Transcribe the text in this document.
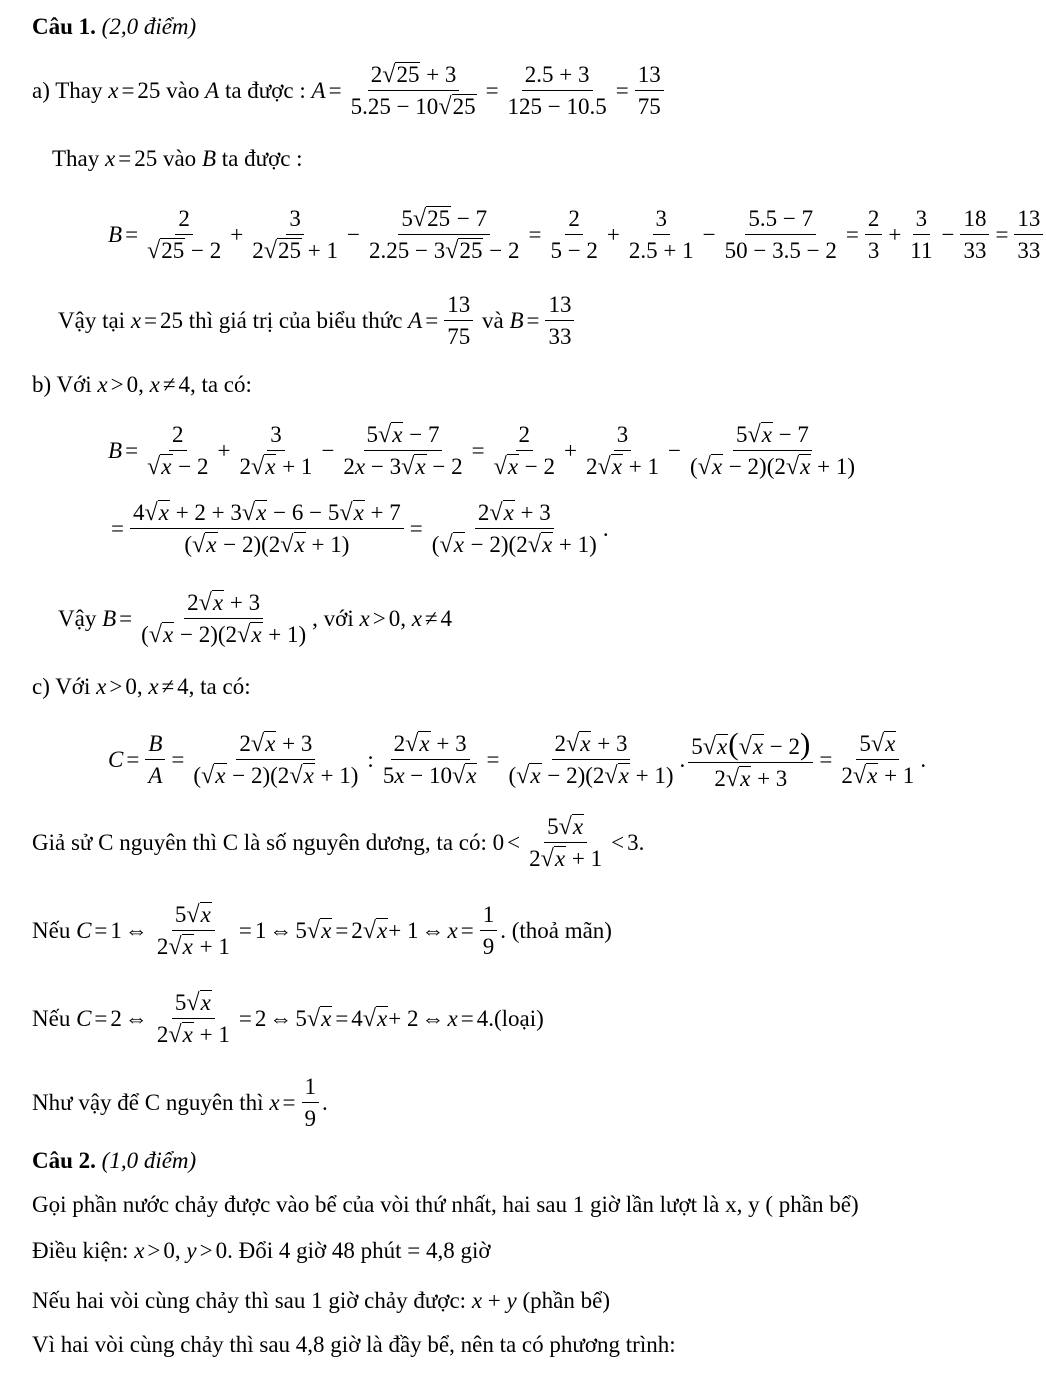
Câu 1.
(2,0 điểm)
a) Thay
x = 25 vào A ta được : $A = \frac{2 √ 25 + 3}{5.25 - 10 √ 25} = \frac{2.5 + 3}{125 - 10.5} = \frac{13}{75}$
Thay
x = 25 vào B ta được :
$B = \frac{2}{√ 25 - 2} + \frac{3}{2 √ 25 + 1} - \frac{5 √ 25 - 7}{2.25 - 3 √ 25 - 2} = \frac{2}{5 - 2} + \frac{3}{2.5 + 1} - \frac{5.5 - 7}{50 - 3.5 - 2} = \frac{2}{3} + \frac{3}{11} - \frac{18}{33} = \frac{13}{33}$
Vậy tại
x = 25
thì giá trị của biểu thức
$A = \frac{13}{75}$
và
$B = \frac{13}{33}$
b) Với
x > 0, x ≠ 4 , ta có:
$B = \frac{2}{√ x - 2} + \frac{3}{2 √ x + 1} - \frac{5 √ x - 7}{2x - 3 √ x - 2} = \frac{2}{√ x - 2} + \frac{3}{2 √ x + 1} - \frac{5 √ x - 7}{( √ x - 2)(2 √ x + 1)}$
= $\frac{4 √ x + 2 + 3 √ x - 6 - 5 √ x + 7}{( √ x - 2)(2 √ x + 1)} = \frac{2 √ x + 3}{( √ x - 2)(2 √ x + 1)}$ .
Vậy
$B = \frac{2 √ x + 3}{( √ x - 2)(2 √ x + 1)}$ , với
x > 0, x ≠ 4
c) Với
x > 0, x ≠ 4 , ta có:
$C = \frac{B}{A} = \frac{2 √ x + 3}{( √ x - 2)(2 √ x + 1)}$ : $\frac{2 √ x + 3}{5x - 10 √ x} = \frac{2 √ x + 3}{( √ x - 2)(2 √ x + 1)}$ . $\frac{5 √ x ( √ x - 2)}{2 √ x + 3} = \frac{5 √ x}{2 √ x + 1}$ .
Giả sử C nguyên thì C là số nguyên dương, ta có:
0 <
5 √ x
2 √ x + 1
< 3.
Nếu
C = 1 ⇔ $\frac{5 √ x}{2 √ x + 1} = 1$ ⇔ 5 √ x = 2 √ x + 1 ⇔ $x = \frac{1}{9}$ .
(thoả mãn)
Nếu
C = 2 ⇔ $\frac{5 √ x}{2 √ x + 1} = 2$ ⇔ 5 √ x = 4 √ x + 2 ⇔ x = 4. (loại)
Như vậy để C nguyên thì
$x = \frac{1}{9}$ .
Câu 2.
(1,0 điểm)
Gọi phần nước chảy được vào bể của vòi thứ nhất, hai sau 1 giờ lần lượt là x, y ( phần bể)
Điều kiện:
x > 0, y > 0 . Đổi 4 giờ 48 phút = 4,8 giờ
Nếu hai vòi cùng chảy thì sau 1 giờ chảy được:
x + y
(phần bể)
Vì hai vòi cùng chảy thì sau 4,8 giờ là đầy bể, nên ta có phương trình:
